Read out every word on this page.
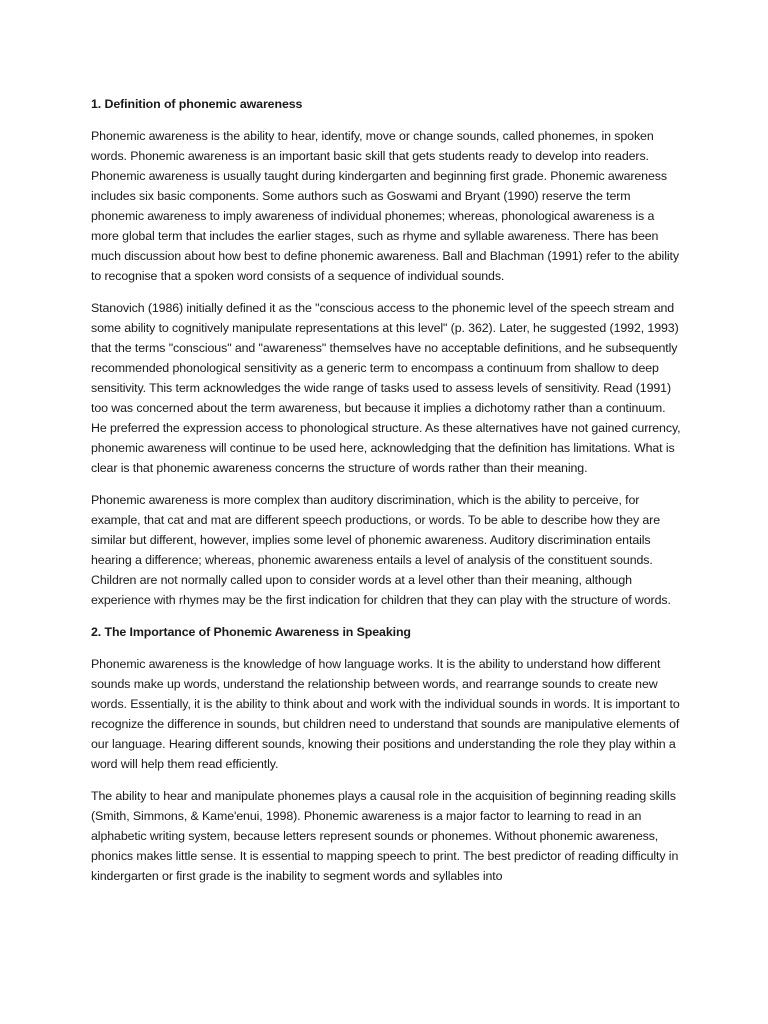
1. Definition of phonemic awareness

Phonemic awareness is the ability to hear, identify, move or change sounds, called phonemes, in spoken words. Phonemic awareness is an important basic skill that gets students ready to develop into readers. Phonemic awareness is usually taught during kindergarten and beginning first grade. Phonemic awareness includes six basic components. Some authors such as Goswami and Bryant (1990) reserve the term phonemic awareness to imply awareness of individual phonemes; whereas, phonological awareness is a more global term that includes the earlier stages, such as rhyme and syllable awareness. There has been much discussion about how best to define phonemic awareness. Ball and Blachman (1991) refer to the ability to recognise that a spoken word consists of a sequence of individual sounds.

Stanovich (1986) initially defined it as the "conscious access to the phonemic level of the speech stream and some ability to cognitively manipulate representations at this level" (p. 362). Later, he suggested (1992, 1993) that the terms "conscious" and "awareness" themselves have no acceptable definitions, and he subsequently recommended phonological sensitivity as a generic term to encompass a continuum from shallow to deep sensitivity. This term acknowledges the wide range of tasks used to assess levels of sensitivity. Read (1991) too was concerned about the term awareness, but because it implies a dichotomy rather than a continuum. He preferred the expression access to phonological structure. As these alternatives have not gained currency, phonemic awareness will continue to be used here, acknowledging that the definition has limitations. What is clear is that phonemic awareness concerns the structure of words rather than their meaning.

Phonemic awareness is more complex than auditory discrimination, which is the ability to perceive, for example, that cat and mat are different speech productions, or words. To be able to describe how they are similar but different, however, implies some level of phonemic awareness. Auditory discrimination entails hearing a difference; whereas, phonemic awareness entails a level of analysis of the constituent sounds. Children are not normally called upon to consider words at a level other than their meaning, although experience with rhymes may be the first indication for children that they can play with the structure of words.

2. The Importance of Phonemic Awareness in Speaking

Phonemic awareness is the knowledge of how language works. It is the ability to understand how different sounds make up words, understand the relationship between words, and rearrange sounds to create new words. Essentially, it is the ability to think about and work with the individual sounds in words. It is important to recognize the difference in sounds, but children need to understand that sounds are manipulative elements of our language. Hearing different sounds, knowing their positions and understanding the role they play within a word will help them read efficiently.

The ability to hear and manipulate phonemes plays a causal role in the acquisition of beginning reading skills (Smith, Simmons, & Kame'enui, 1998). Phonemic awareness is a major factor to learning to read in an alphabetic writing system, because letters represent sounds or phonemes. Without phonemic awareness, phonics makes little sense. It is essential to mapping speech to print. The best predictor of reading difficulty in kindergarten or first grade is the inability to segment words and syllables into
